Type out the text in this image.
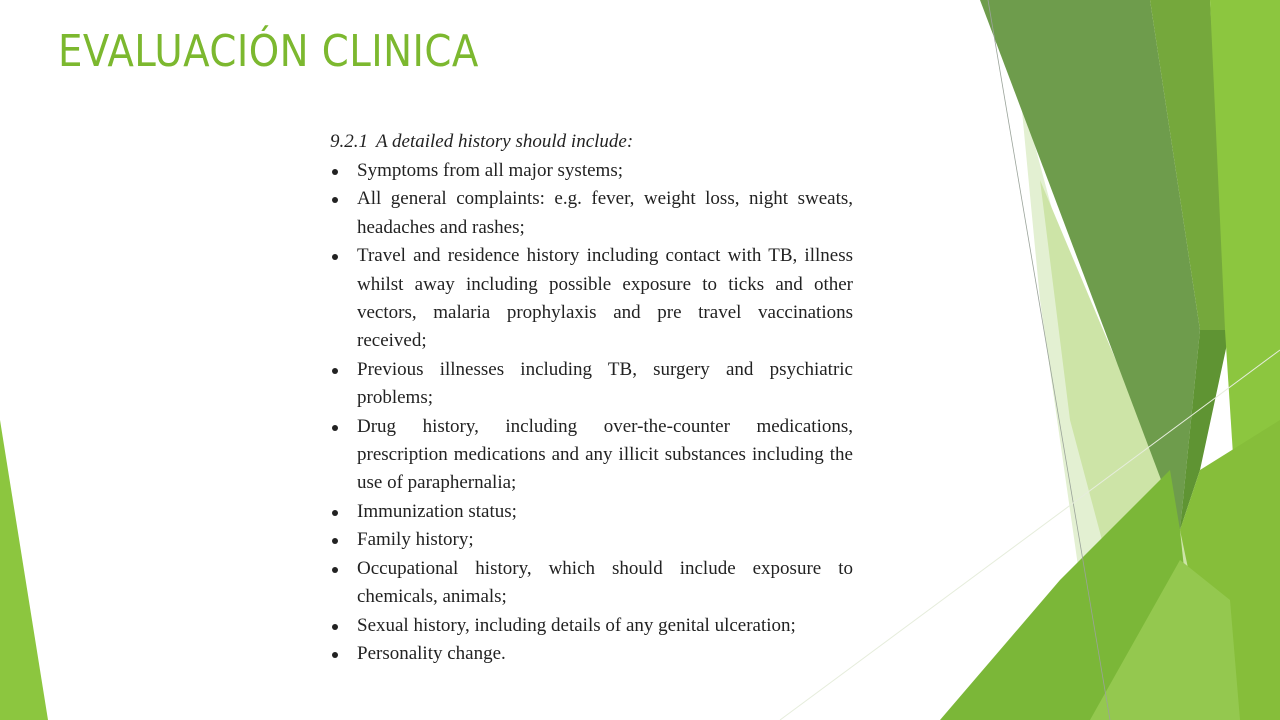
EVALUACIÓN CLINICA

9.2.1 A detailed history should include:

Symptoms from all major systems;
All general complaints: e.g. fever, weight loss, night sweats, headaches and rashes;
Travel and residence history including contact with TB, illness whilst away including possible exposure to ticks and other vectors, malaria prophylaxis and pre travel vaccinations received;
Previous illnesses including TB, surgery and psychiatric problems;
Drug history, including over-the-counter medications, prescription medications and any illicit substances including the use of paraphernalia;
Immunization status;
Family history;
Occupational history, which should include exposure to chemicals, animals;
Sexual history, including details of any genital ulceration;
Personality change.
